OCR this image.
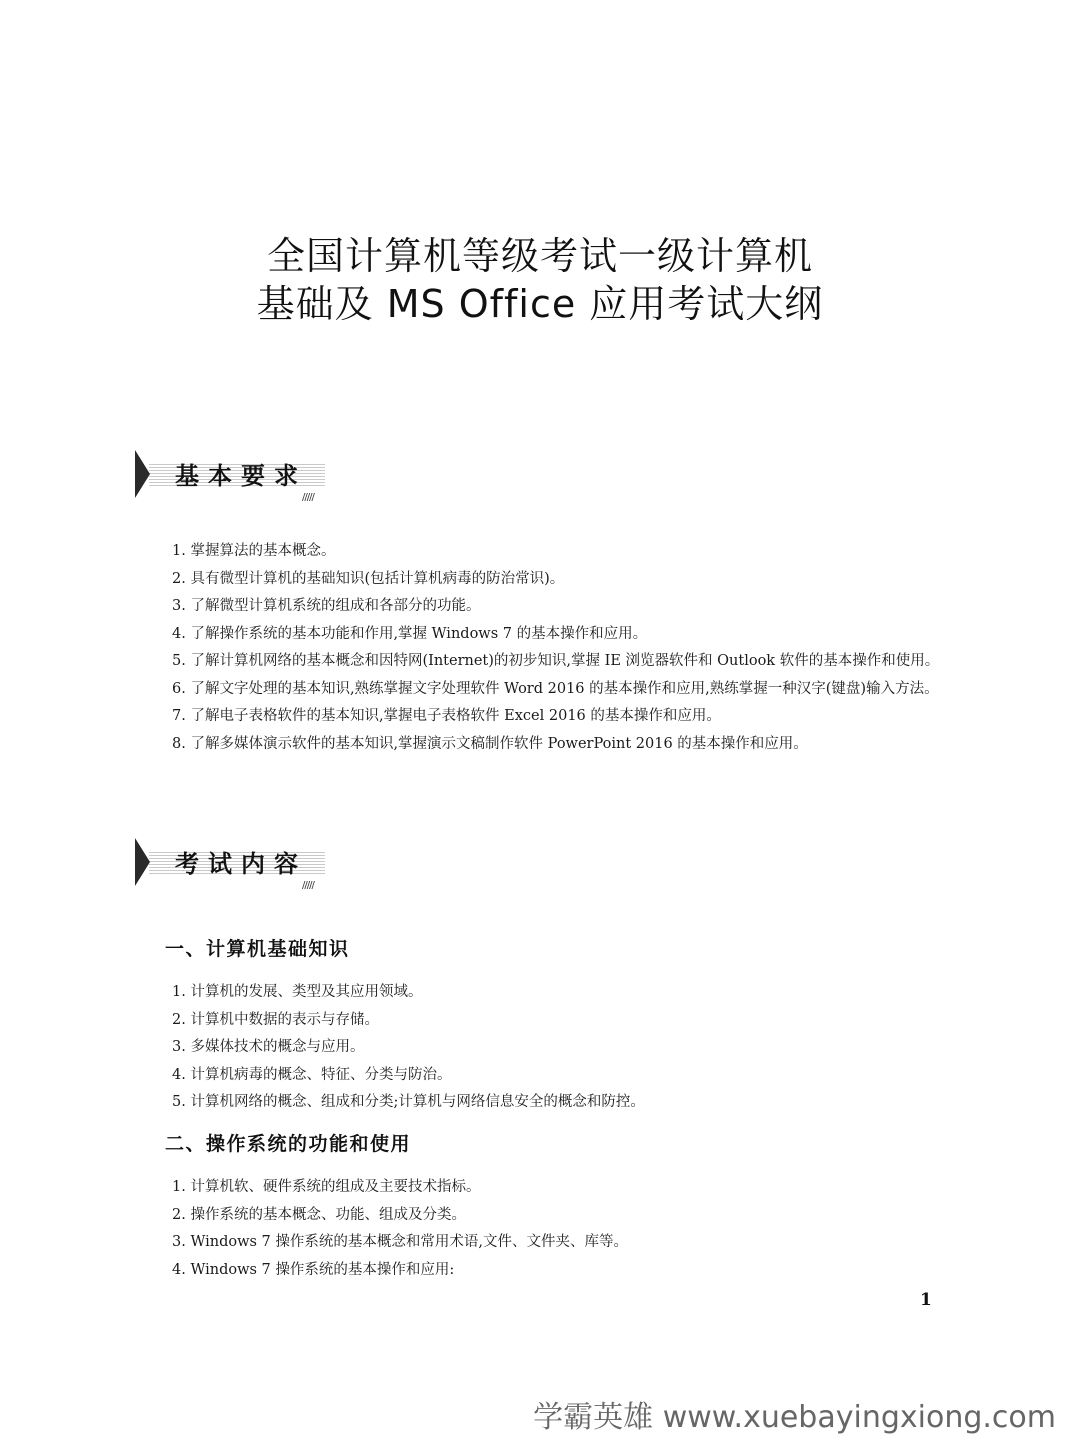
全国计算机等级考试一级计算机
基础及 MS Office 应用考试大纲
/////
基本要求

1. 掌握算法的基本概念。

2. 具有微型计算机的基础知识(包括计算机病毒的防治常识)。

3. 了解微型计算机系统的组成和各部分的功能。

4. 了解操作系统的基本功能和作用,掌握 Windows 7 的基本操作和应用。

5. 了解计算机网络的基本概念和因特网(Internet)的初步知识,掌握 IE 浏览器软件和 Outlook 软件的基本操作和使用。

6. 了解文字处理的基本知识,熟练掌握文字处理软件 Word 2016 的基本操作和应用,熟练掌握一种汉字(键盘)输入方法。

7. 了解电子表格软件的基本知识,掌握电子表格软件 Excel 2016 的基本操作和应用。

8. 了解多媒体演示软件的基本知识,掌握演示文稿制作软件 PowerPoint 2016 的基本操作和应用。

/////
考试内容
一、计算机基础知识

1. 计算机的发展、类型及其应用领域。

2. 计算机中数据的表示与存储。

3. 多媒体技术的概念与应用。

4. 计算机病毒的概念、特征、分类与防治。

5. 计算机网络的概念、组成和分类;计算机与网络信息安全的概念和防控。

二、操作系统的功能和使用

1. 计算机软、硬件系统的组成及主要技术指标。

2. 操作系统的基本概念、功能、组成及分类。

3. Windows 7 操作系统的基本概念和常用术语,文件、文件夹、库等。

4. Windows 7 操作系统的基本操作和应用:

1
学霸英雄 www.xuebayingxiong.com
